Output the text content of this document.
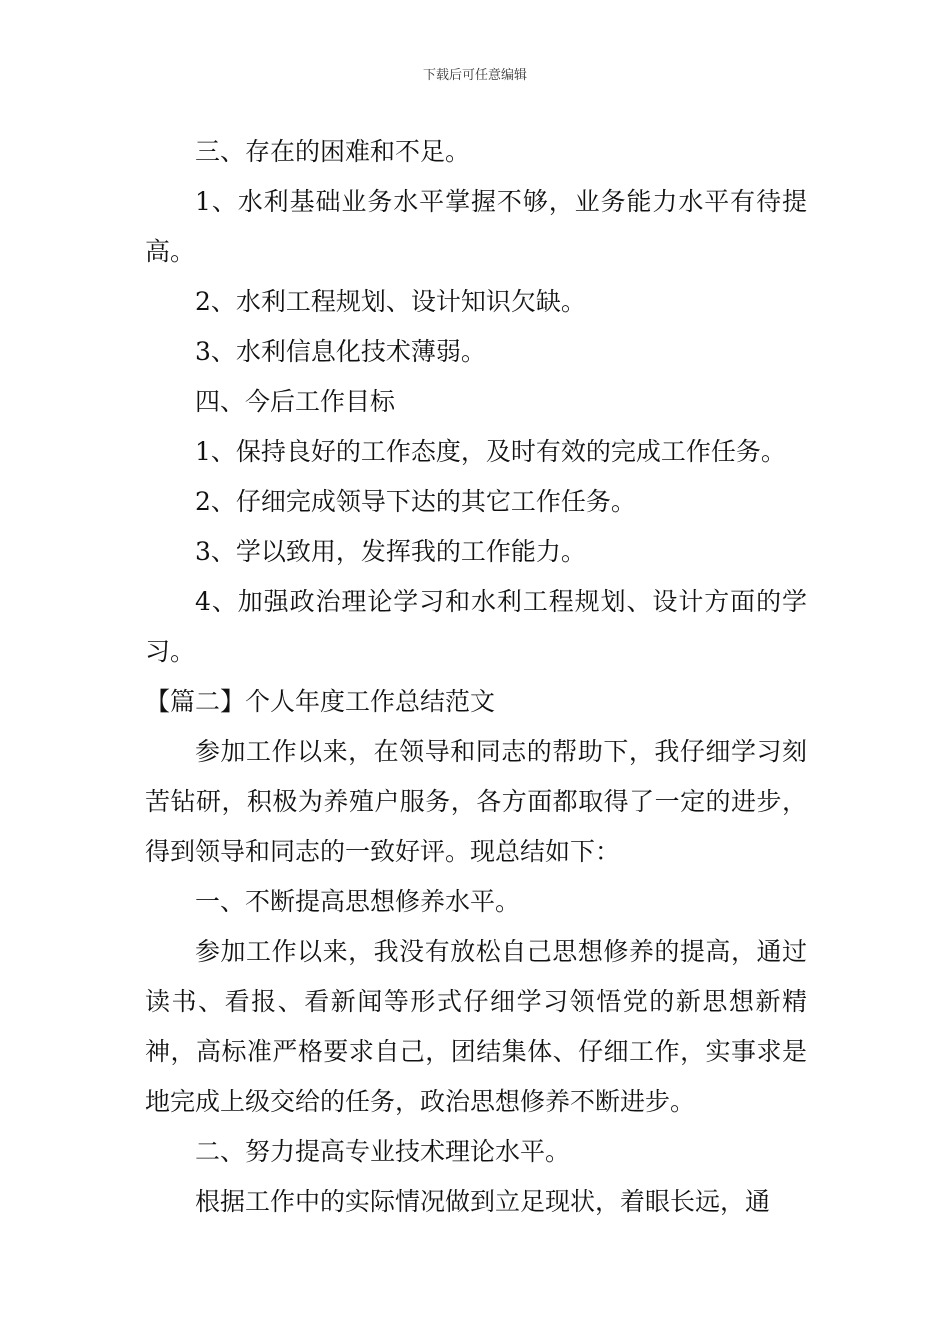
下载后可任意编辑

三、存在的困难和不足。

1、水利基础业务水平掌握不够，业务能力水平有待提高。

2、水利工程规划、设计知识欠缺。

3、水利信息化技术薄弱。

四、今后工作目标

1、保持良好的工作态度，及时有效的完成工作任务。

2、仔细完成领导下达的其它工作任务。

3、学以致用，发挥我的工作能力。

4、加强政治理论学习和水利工程规划、设计方面的学习。

【篇二】个人年度工作总结范文

参加工作以来，在领导和同志的帮助下，我仔细学习刻苦钻研，积极为养殖户服务，各方面都取得了一定的进步，得到领导和同志的一致好评。现总结如下：

一、不断提高思想修养水平。

参加工作以来，我没有放松自己思想修养的提高，通过读书、看报、看新闻等形式仔细学习领悟党的新思想新精神，高标准严格要求自己，团结集体、仔细工作，实事求是地完成上级交给的任务，政治思想修养不断进步。

二、努力提高专业技术理论水平。

根据工作中的实际情况做到立足现状，着眼长远，通
